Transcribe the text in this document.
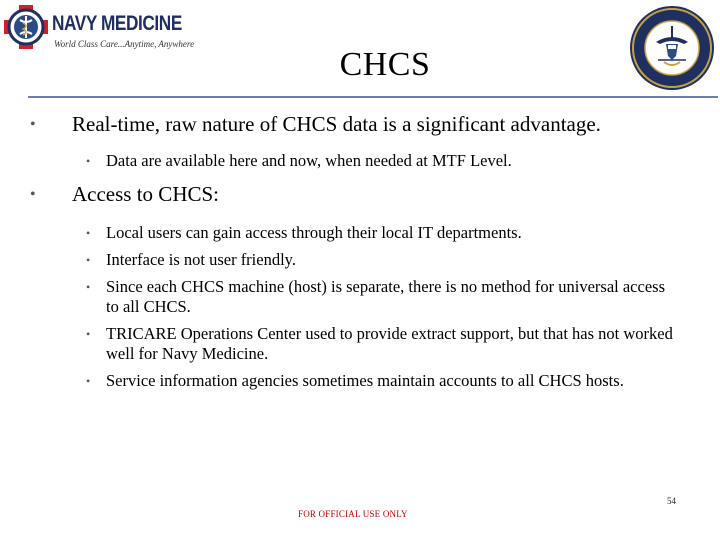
NAVY MEDICINE
World Class Care...Anytime, Anywhere
CHCS
• Real-time, raw nature of CHCS data is a significant advantage.
• Data are available here and now, when needed at MTF Level.
• Access to CHCS:
• Local users can gain access through their local IT departments.
• Interface is not user friendly.
• Since each CHCS machine (host) is separate, there is no method for universal access to all CHCS.
• TRICARE Operations Center used to provide extract support, but that has not worked well for Navy Medicine.
• Service information agencies sometimes maintain accounts to all CHCS hosts.
54
FOR OFFICIAL USE ONLY
